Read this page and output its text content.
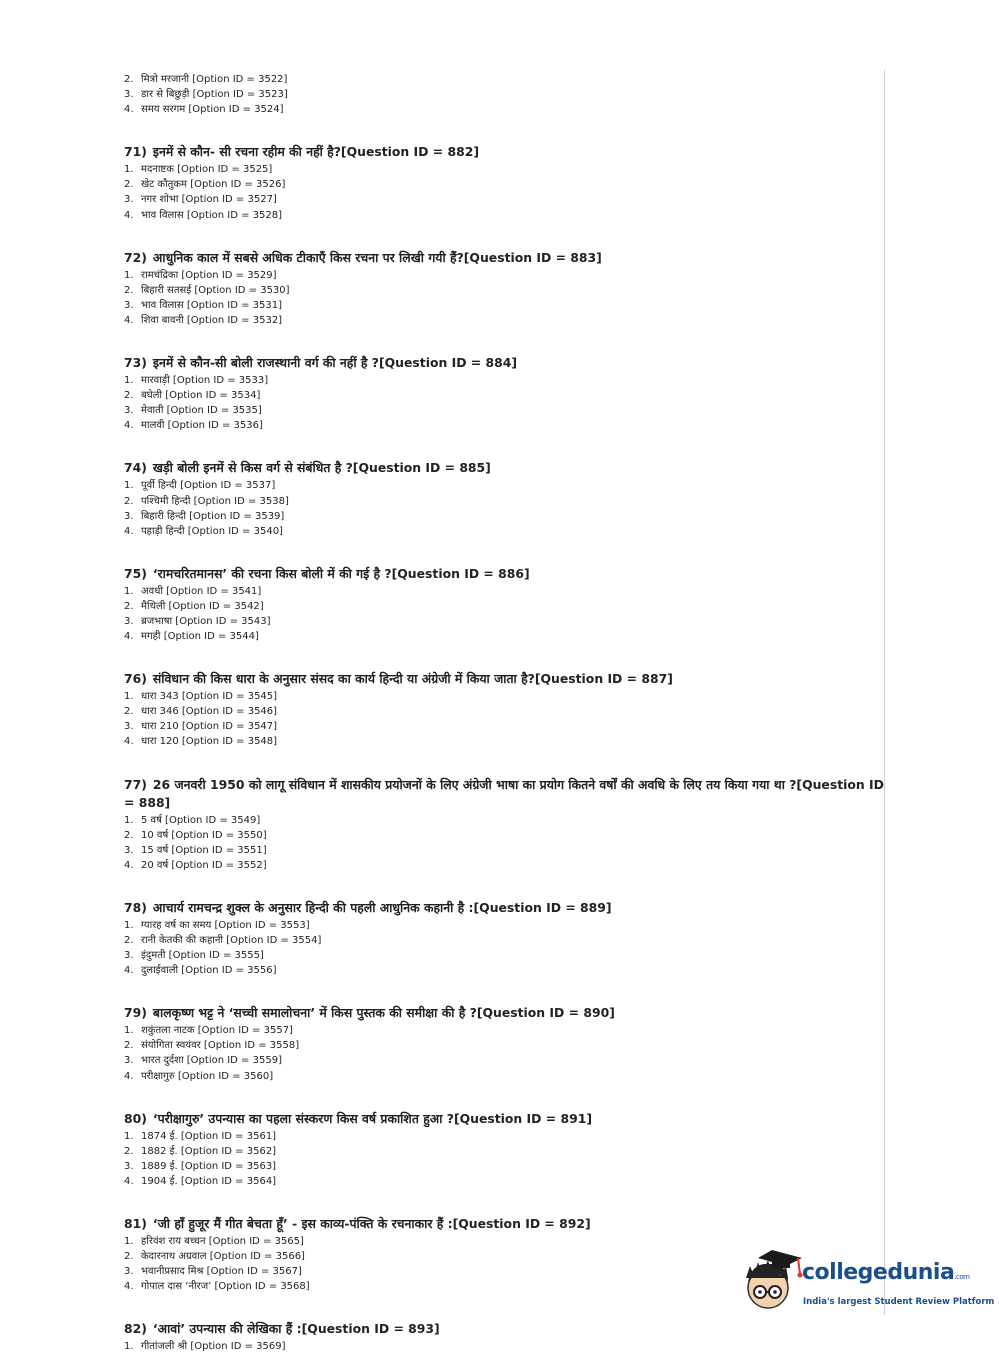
2. मित्रो मरजानी [Option ID = 3522]
3. डार से बिछुड़ी [Option ID = 3523]
4. समय सरगम [Option ID = 3524]
71) इनमें से कौन- सी रचना रहीम की नहीं है?[Question ID = 882]
1. मदनाष्टक [Option ID = 3525]
2. खेट कौतुकम [Option ID = 3526]
3. नगर शोभा [Option ID = 3527]
4. भाव विलास [Option ID = 3528]
72) आधुनिक काल में सबसे अधिक टीकाएँ किस रचना पर लिखी गयी हैं?[Question ID = 883]
1. रामचंद्रिका [Option ID = 3529]
2. बिहारी सतसई [Option ID = 3530]
3. भाव विलास [Option ID = 3531]
4. शिवा बावनी [Option ID = 3532]
73) इनमें से कौन-सी बोली राजस्थानी वर्ग की नहीं है ?[Question ID = 884]
1. मारवाड़ी [Option ID = 3533]
2. बघेली [Option ID = 3534]
3. मेवाती [Option ID = 3535]
4. मालवी [Option ID = 3536]
74) खड़ी बोली इनमें से किस वर्ग से संबंधित है ?[Question ID = 885]
1. पूर्वी हिन्दी [Option ID = 3537]
2. पश्चिमी हिन्दी [Option ID = 3538]
3. बिहारी हिन्दी [Option ID = 3539]
4. पहाड़ी हिन्दी [Option ID = 3540]
75) ‘रामचरितमानस’ की रचना किस बोली में की गई है ?[Question ID = 886]
1. अवधी [Option ID = 3541]
2. मैथिली [Option ID = 3542]
3. ब्रजभाषा [Option ID = 3543]
4. मगही [Option ID = 3544]
76) संविधान की किस धारा के अनुसार संसद का कार्य हिन्दी या अंग्रेजी में किया जाता है?[Question ID = 887]
1. धारा 343 [Option ID = 3545]
2. धारा 346 [Option ID = 3546]
3. धारा 210 [Option ID = 3547]
4. धारा 120 [Option ID = 3548]
77) 26 जनवरी 1950 को लागू संविधान में शासकीय प्रयोजनों के लिए अंग्रेजी भाषा का प्रयोग कितने वर्षों की अवधि के लिए तय किया गया था ?[Question ID = 888]
1. 5 वर्ष [Option ID = 3549]
2. 10 वर्ष [Option ID = 3550]
3. 15 वर्ष [Option ID = 3551]
4. 20 वर्ष [Option ID = 3552]
78) आचार्य रामचन्द्र शुक्ल के अनुसार हिन्दी की पहली आधुनिक कहानी है :[Question ID = 889]
1. ग्यारह वर्ष का समय [Option ID = 3553]
2. रानी केतकी की कहानी [Option ID = 3554]
3. इंदुमती [Option ID = 3555]
4. दुलाईवाली [Option ID = 3556]
79) बालकृष्ण भट्ट ने ‘सच्ची समालोचना’ में किस पुस्तक की समीक्षा की है ?[Question ID = 890]
1. शकुंतला नाटक [Option ID = 3557]
2. संयोगिता स्वयंवर [Option ID = 3558]
3. भारत दुर्दशा [Option ID = 3559]
4. परीक्षागुरु [Option ID = 3560]
80) ‘परीक्षागुरु’ उपन्यास का पहला संस्करण किस वर्ष प्रकाशित हुआ ?[Question ID = 891]
1. 1874 ई. [Option ID = 3561]
2. 1882 ई. [Option ID = 3562]
3. 1889 ई. [Option ID = 3563]
4. 1904 ई. [Option ID = 3564]
81) ‘जी हाँ हुजूर मैं गीत बेचता हूँ’ - इस काव्य-पंक्ति के रचनाकार हैं :[Question ID = 892]
1. हरिवंश राय बच्चन [Option ID = 3565]
2. केदारनाथ अग्रवाल [Option ID = 3566]
3. भवानीप्रसाद मिश्र [Option ID = 3567]
4. गोपाल दास ‘नीरज’ [Option ID = 3568]
82) ‘आवां’ उपन्यास की लेखिका हैं :[Question ID = 893]
1. गीतांजली श्री [Option ID = 3569]
collegedunia.com
India's largest Student Review Platform
